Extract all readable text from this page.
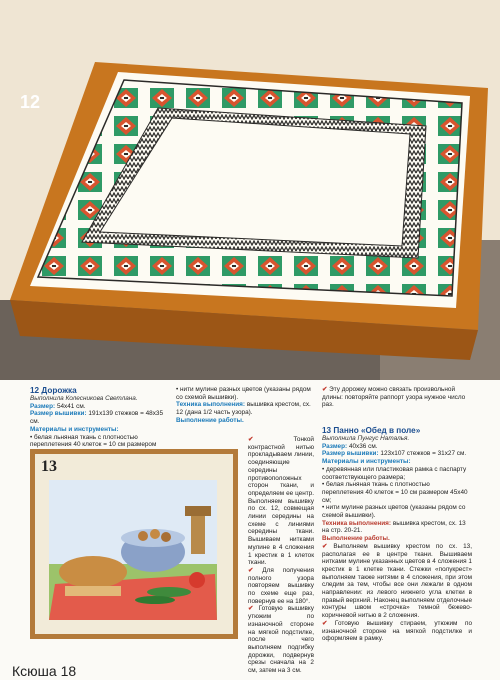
12

12 Дорожка

Выполнила Колесникова Светлана.

Размер: 54x41 см.

Размер вышивки: 191x139 стежков = 48x35 см.

Материалы и инструменты:

• белая льняная ткань с плотностью переплетения 40 клеток = 10 см размером

• нити мулине разных цветов (указаны рядом со схемой вышивки).

Техника выполнения: вышивка крестом, сх. 12 (дана 1/2 часть узора).

Выполнение работы.

✔	Тонкой контрастной нитью прокладываем линии, соединяющие середины противоположных сторон ткани, и определяем ее центр. Выполняем вышивку по сх. 12, совмещая линии середины на схеме с линиями середины ткани. Вышиваем нитками мулине в 4 сложения 1 крестик в 1 клеток ткани.

✔ Для получения полного узора повторяем вышивку по схеме еще раз, повернув ее на 180°.

✔ Готовую вышивку утюжим по изнаночной стороне на мягкой подстилке, после чего выполняем подгибку дорожки, подвернув срезы сначала на 2 см, затем на 3 см.

✔ Эту дорожку можно связать произвольной длины: повторяйте раппорт узора нужное число раз.

13 Панно «Обед в поле»

Выполнила Пунгус Наталья.

Размер: 40x36 см.

Размер вышивки: 123x107 стежков = 31x27 см.

Материалы и инструменты:

• деревянная или пластиковая рамка с паспарту соответствующего размера;

• белая льняная ткань с плотностью переплетения 40 клеток = 10 см размером 45x40 см;

• нити мулине разных цветов (указаны рядом со схемой вышивки).

Техника выполнения: вышивка крестом, сх. 13 на стр. 20-21.

Выполнение работы.

✔ Выполняем вышивку крестом по сх. 13, располагая ее в центре ткани. Вышиваем нитками мулине указанных цветов в 4 сложения 1 крестик в 1 клетке ткани. Стежки «полукрест» выполняем также нитями в 4 сложения, при этом следим за тем, чтобы все они лежали в одном направлении: из левого нижнего угла клетки в правый верхний. Наконец выполняем отделочные контуры швом «строчка» темной бежево-коричневой нитью в 2 сложения.

✔ Готовую вышивку стираем, утюжим по изнаночной стороне на мягкой подстилке и оформляем в рамку.

13
Ксюша 18
